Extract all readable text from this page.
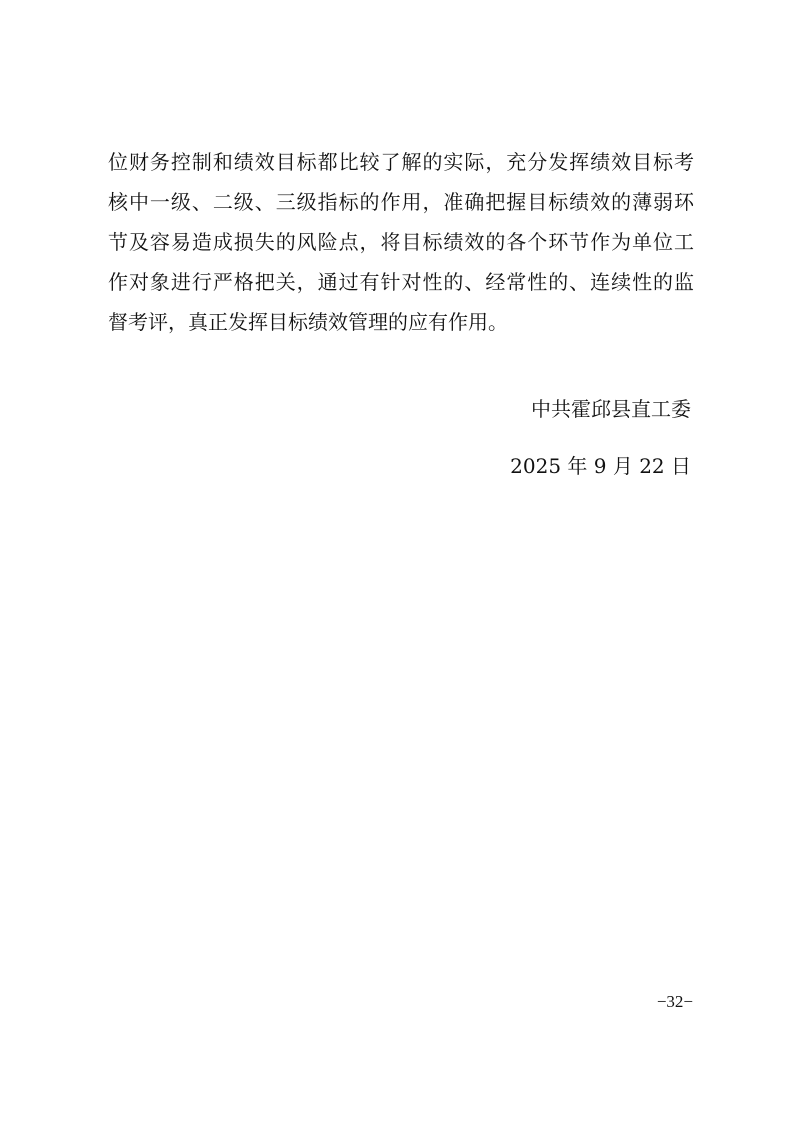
位财务控制和绩效目标都比较了解的实际，充分发挥绩效目标考
核中一级、二级、三级指标的作用，准确把握目标绩效的薄弱环
节及容易造成损失的风险点，将目标绩效的各个环节作为单位工
作对象进行严格把关，通过有针对性的、经常性的、连续性的监
督考评，真正发挥目标绩效管理的应有作用。
中共霍邱县直工委
2025 年 9 月 22 日
−32−
